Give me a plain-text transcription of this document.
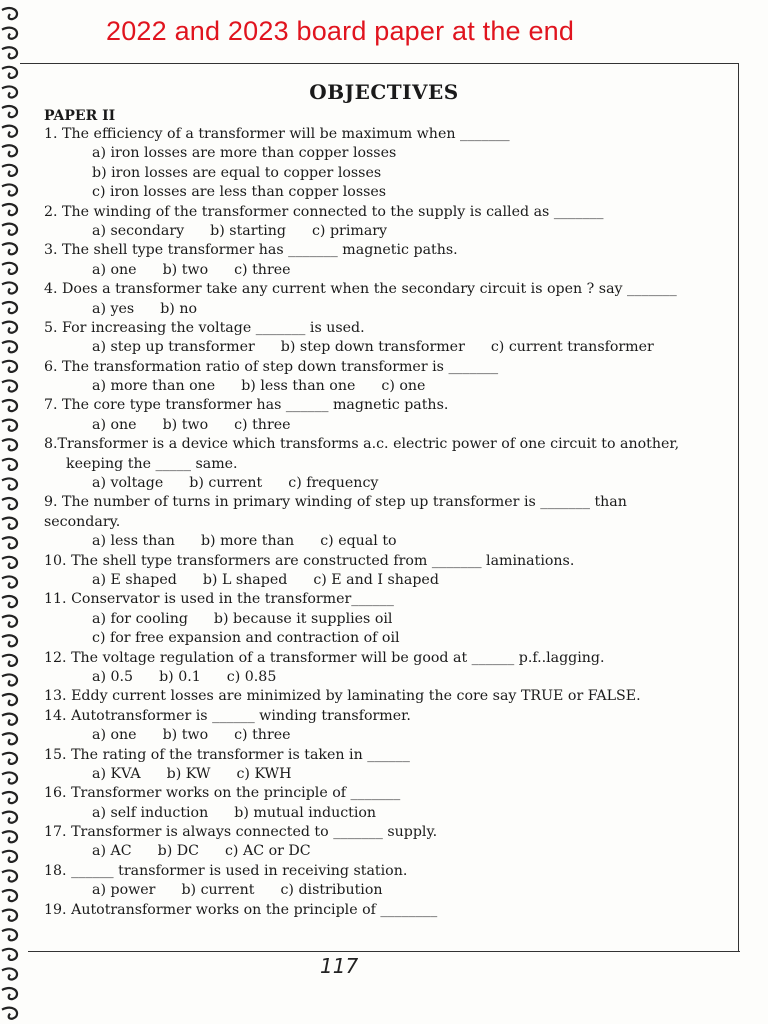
2022 and 2023 board paper at the end
OBJECTIVES
PAPER II
1. The efficiency of a transformer will be maximum when _______
a) iron losses are more than copper losses
b) iron losses are equal to copper losses
c) iron losses are less than copper losses
2. The winding of the transformer connected to the supply is called as _______
a) secondary b) starting c) primary
3. The shell type transformer has _______ magnetic paths.
a) one b) two c) three
4. Does a transformer take any current when the secondary circuit is open ? say _______
a) yes b) no
5. For increasing the voltage _______ is used.
a) step up transformer b) step down transformer c) current transformer
6. The transformation ratio of step down transformer is _______
a) more than one b) less than one c) one
7. The core type transformer has ______ magnetic paths.
a) one b) two c) three
8.Transformer is a device which transforms a.c. electric power of one circuit to another,
keeping the _____ same.
a) voltage b) current c) frequency
9. The number of turns in primary winding of step up transformer is _______ than
secondary.
a) less than b) more than c) equal to
10. The shell type transformers are constructed from _______ laminations.
a) E shaped b) L shaped c) E and I shaped
11. Conservator is used in the transformer______
a) for cooling b) because it supplies oil
c) for free expansion and contraction of oil
12. The voltage regulation of a transformer will be good at ______ p.f..lagging.
a) 0.5 b) 0.1 c) 0.85
13. Eddy current losses are minimized by laminating the core say TRUE or FALSE.
14. Autotransformer is ______ winding transformer.
a) one b) two c) three
15. The rating of the transformer is taken in ______
a) KVA b) KW c) KWH
16. Transformer works on the principle of _______
a) self induction b) mutual induction
17. Transformer is always connected to _______ supply.
a) AC b) DC c) AC or DC
18. ______ transformer is used in receiving station.
a) power b) current c) distribution
19. Autotransformer works on the principle of ________
117
